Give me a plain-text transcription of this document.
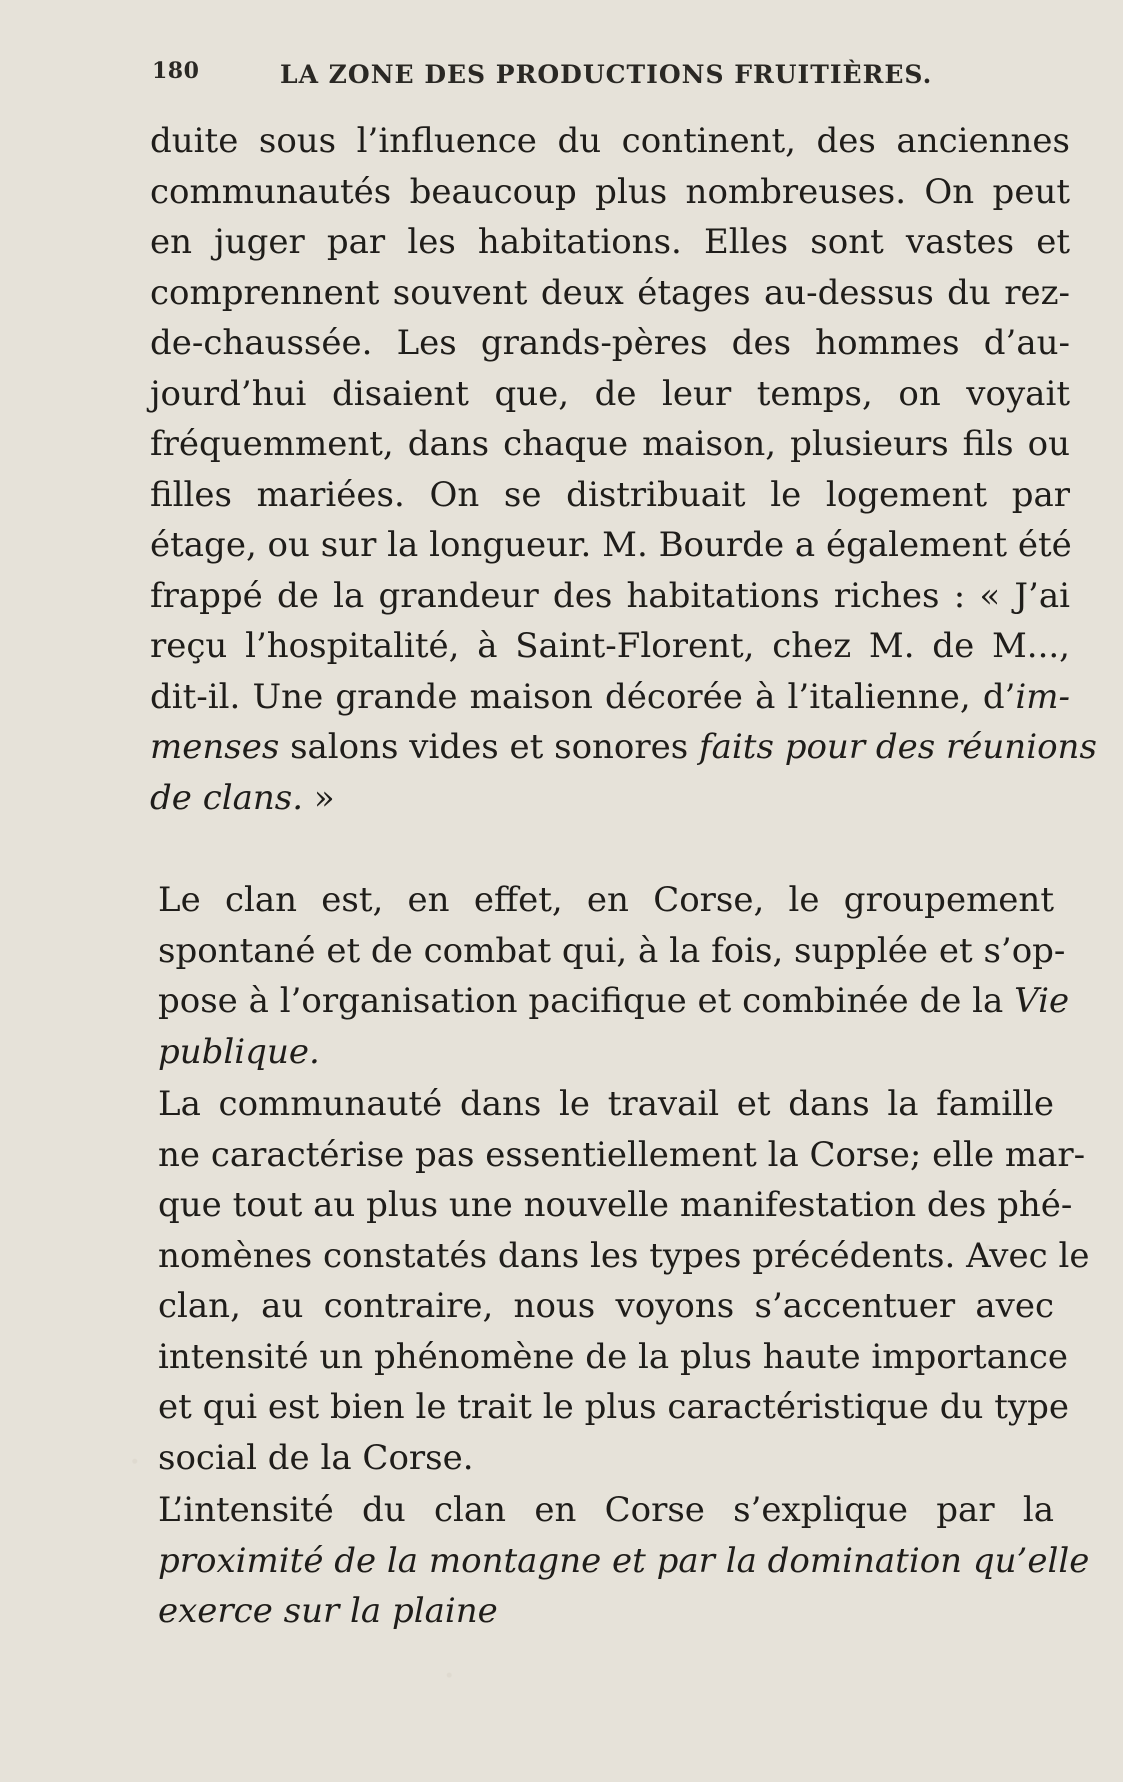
180	LA ZONE DES PRODUCTIONS FRUITIÈRES.
duite sous l’influence du continent, des anciennes
communautés beaucoup plus nombreuses. On peut
en juger par les habitations. Elles sont vastes et
comprennent souvent deux étages au-dessus du rez-
de-chaussée. Les grands-pères des hommes d’au-
jourd’hui disaient que, de leur temps, on voyait
fréquemment, dans chaque maison, plusieurs fils ou
filles mariées. On se distribuait le logement par
étage, ou sur la longueur. M. Bourde a également été
frappé de la grandeur des habitations riches : « J’ai
reçu l’hospitalité, à Saint-Florent, chez M. de M...,
dit-il. Une grande maison décorée à l’italienne, d’im-
menses salons vides et sonores faits pour des réunions
de clans. »
Le clan est, en effet, en Corse, le groupement
spontané et de combat qui, à la fois, supplée et s’op-
pose à l’organisation pacifique et combinée de la Vie
publique.
La communauté dans le travail et dans la famille
ne caractérise pas essentiellement la Corse; elle mar-
que tout au plus une nouvelle manifestation des phé-
nomènes constatés dans les types précédents. Avec le
clan, au contraire, nous voyons s’accentuer avec
intensité un phénomène de la plus haute importance
et qui est bien le trait le plus caractéristique du type
social de la Corse.
L’intensité du clan en Corse s’explique par la
proximité de la montagne et par la domination qu’elle
exerce sur la plaine
